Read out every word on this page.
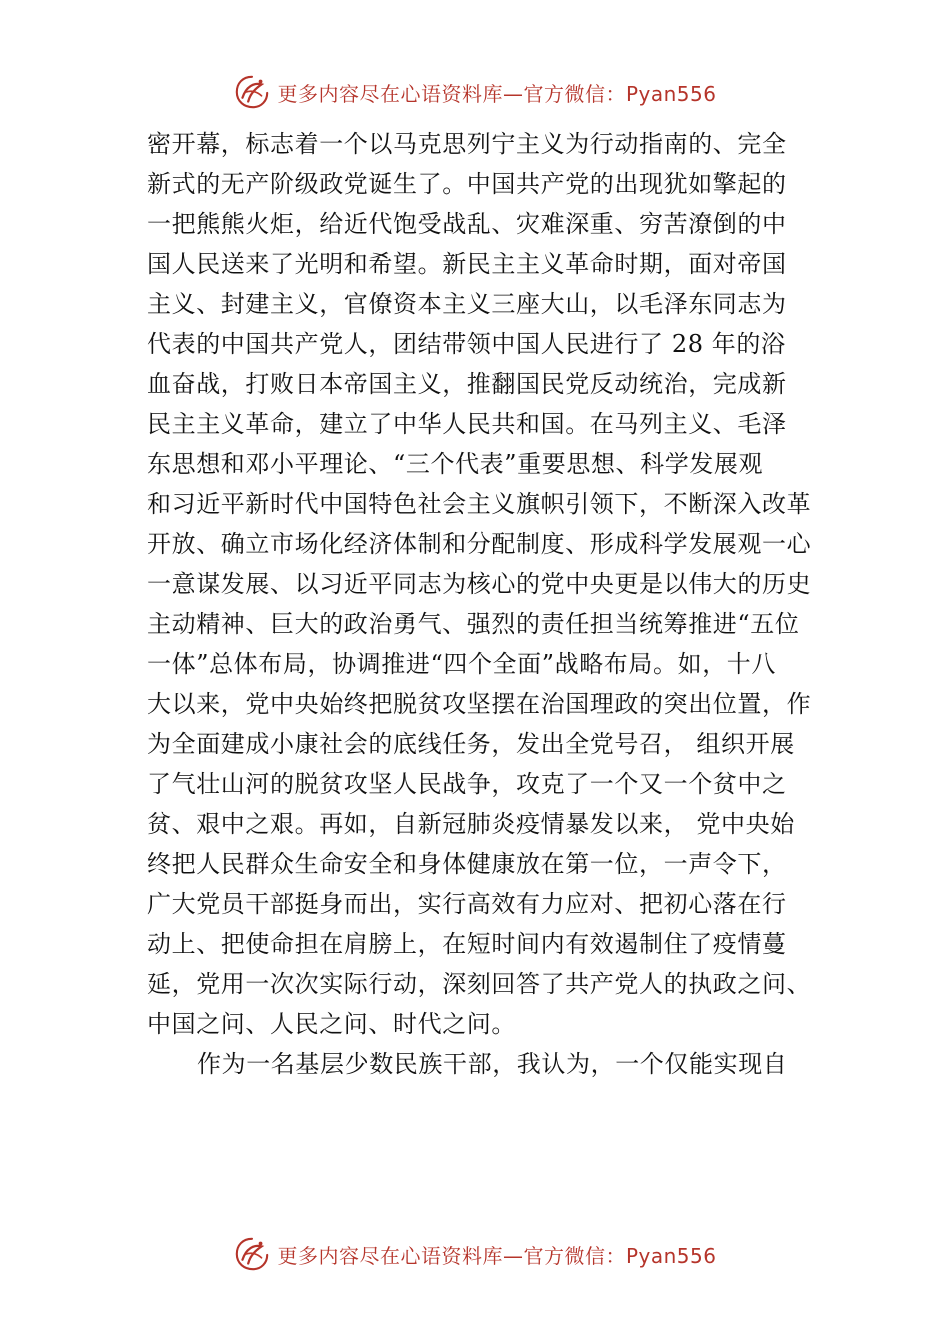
更多内容尽在心语资料库—官方微信：Pyan556
密开幕，标志着一个以马克思列宁主义为行动指南的、完全
新式的无产阶级政党诞生了。中国共产党的出现犹如擎起的
一把熊熊火炬，给近代饱受战乱、灾难深重、穷苦潦倒的中
国人民送来了光明和希望。新民主主义革命时期，面对帝国
主义、封建主义，官僚资本主义三座大山，以毛泽东同志为
代表的中国共产党人，团结带领中国人民进行了 28 年的浴
血奋战，打败日本帝国主义，推翻国民党反动统治，完成新
民主主义革命，建立了中华人民共和国。在马列主义、毛泽
东思想和邓小平理论、“三个代表”重要思想、科学发展观
和习近平新时代中国特色社会主义旗帜引领下，不断深入改革
开放、确立市场化经济体制和分配制度、形成科学发展观一心
一意谋发展、以习近平同志为核心的党中央更是以伟大的历史
主动精神、巨大的政治勇气、强烈的责任担当统筹推进“五位
一体”总体布局，协调推进“四个全面”战略布局。如，十八
大以来，党中央始终把脱贫攻坚摆在治国理政的突出位置，作
为全面建成小康社会的底线任务，发出全党号召， 组织开展
了气壮山河的脱贫攻坚人民战争，攻克了一个又一个贫中之
贫、艰中之艰。再如，自新冠肺炎疫情暴发以来， 党中央始
终把人民群众生命安全和身体健康放在第一位，一声令下，
广大党员干部挺身而出，实行高效有力应对、把初心落在行
动上、把使命担在肩膀上，在短时间内有效遏制住了疫情蔓
延，党用一次次实际行动，深刻回答了共产党人的执政之问、
中国之问、人民之问、时代之问。
作为一名基层少数民族干部，我认为，一个仅能实现自
更多内容尽在心语资料库—官方微信：Pyan556
